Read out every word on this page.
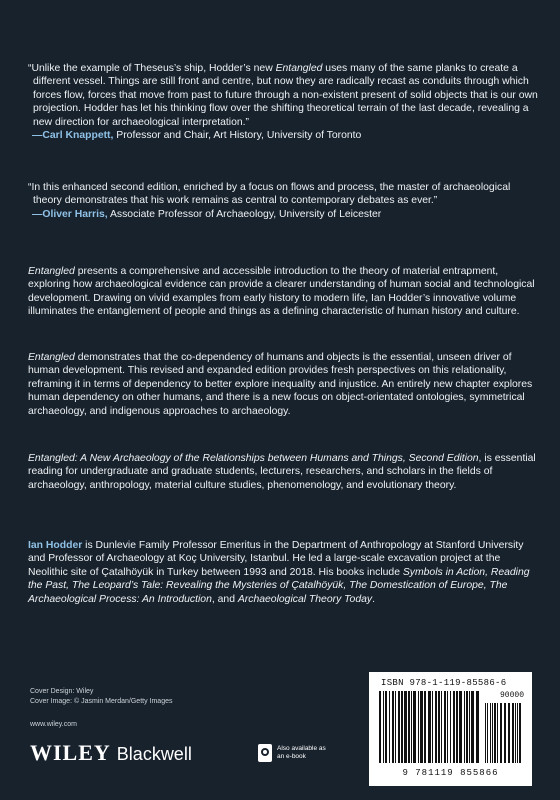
“Unlike the example of Theseus’s ship, Hodder’s new Entangled uses many of the same planks to create a different vessel. Things are still front and centre, but now they are radically recast as conduits through which forces flow, forces that move from past to future through a non-existent present of solid objects that is our own projection. Hodder has let his thinking flow over the shifting theoretical terrain of the last decade, revealing a new direction for archaeological interpretation.”
—Carl Knappett, Professor and Chair, Art History, University of Toronto
“In this enhanced second edition, enriched by a focus on flows and process, the master of archaeological theory demonstrates that his work remains as central to contemporary debates as ever.”
—Oliver Harris, Associate Professor of Archaeology, University of Leicester

Entangled presents a comprehensive and accessible introduction to the theory of material entrapment, exploring how archaeological evidence can provide a clearer understanding of human social and technological development. Drawing on vivid examples from early history to modern life, Ian Hodder’s innovative volume illuminates the entanglement of people and things as a defining characteristic of human history and culture.

Entangled demonstrates that the co-dependency of humans and objects is the essential, unseen driver of human development. This revised and expanded edition provides fresh perspectives on this relationality, reframing it in terms of dependency to better explore inequality and injustice. An entirely new chapter explores human dependency on other humans, and there is a new focus on object-orientated ontologies, symmetrical archaeology, and indigenous approaches to archaeology.

Entangled: A New Archaeology of the Relationships between Humans and Things, Second Edition, is essential reading for undergraduate and graduate students, lecturers, researchers, and scholars in the fields of archaeology, anthropology, material culture studies, phenomenology, and evolutionary theory.

Ian Hodder is Dunlevie Family Professor Emeritus in the Department of Anthropology at Stanford University and Professor of Archaeology at Koç University, Istanbul. He led a large-scale excavation project at the Neolithic site of Çatalhöyük in Turkey between 1993 and 2018. His books include Symbols in Action, Reading the Past, The Leopard’s Tale: Revealing the Mysteries of Çatalhöyük, The Domestication of Europe, The Archaeological Process: An Introduction, and Archaeological Theory Today.

Cover Design: Wiley
Cover Image: © Jasmin Merdan/Getty Images
www.wiley.com
WILEY Blackwell	Also available as an e-book
ISBN 978-1-119-85586-6
90000
9 781119 855866
